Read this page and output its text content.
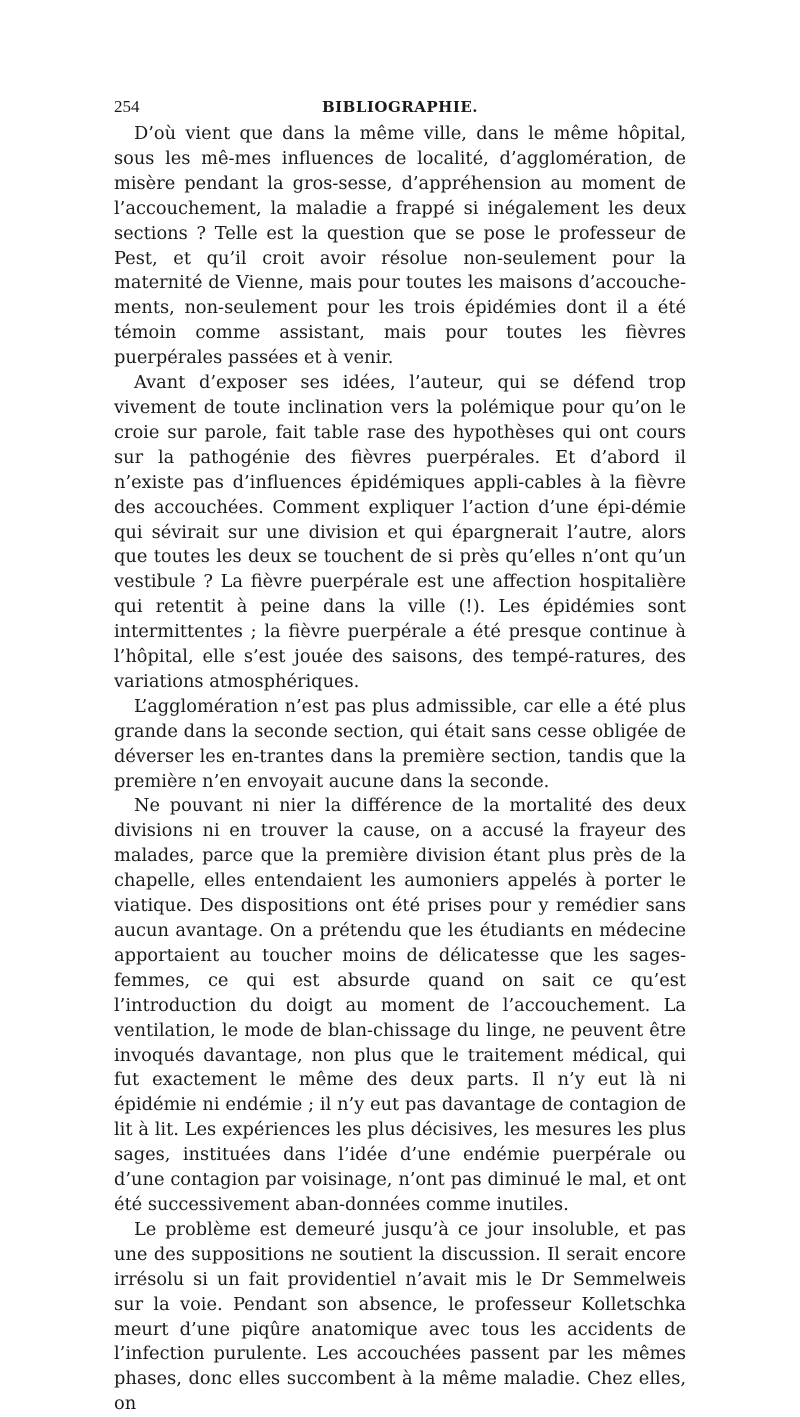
254	BIBLIOGRAPHIE.

D’où vient que dans la même ville, dans le même hôpital, sous les mê-mes influences de localité, d’agglomération, de misère pendant la gros-sesse, d’appréhension au moment de l’accouchement, la maladie a frappé si inégalement les deux sections ? Telle est la question que se pose le professeur de Pest, et qu’il croit avoir résolue non-seulement pour la maternité de Vienne, mais pour toutes les maisons d’accouche-ments, non-seulement pour les trois épidémies dont il a été témoin comme assistant, mais pour toutes les fièvres puerpérales passées et à venir.

Avant d’exposer ses idées, l’auteur, qui se défend trop vivement de toute inclination vers la polémique pour qu’on le croie sur parole, fait table rase des hypothèses qui ont cours sur la pathogénie des fièvres puerpérales. Et d’abord il n’existe pas d’influences épidémiques appli-cables à la fièvre des accouchées. Comment expliquer l’action d’une épi-démie qui sévirait sur une division et qui épargnerait l’autre, alors que toutes les deux se touchent de si près qu’elles n’ont qu’un vestibule ? La fièvre puerpérale est une affection hospitalière qui retentit à peine dans la ville (!). Les épidémies sont intermittentes ; la fièvre puerpérale a été presque continue à l’hôpital, elle s’est jouée des saisons, des tempé-ratures, des variations atmosphériques.

L’agglomération n’est pas plus admissible, car elle a été plus grande dans la seconde section, qui était sans cesse obligée de déverser les en-trantes dans la première section, tandis que la première n’en envoyait aucune dans la seconde.

Ne pouvant ni nier la différence de la mortalité des deux divisions ni en trouver la cause, on a accusé la frayeur des malades, parce que la première division étant plus près de la chapelle, elles entendaient les aumoniers appelés à porter le viatique. Des dispositions ont été prises pour y remédier sans aucun avantage. On a prétendu que les étudiants en médecine apportaient au toucher moins de délicatesse que les sages-femmes, ce qui est absurde quand on sait ce qu’est l’introduction du doigt au moment de l’accouchement. La ventilation, le mode de blan-chissage du linge, ne peuvent être invoqués davantage, non plus que le traitement médical, qui fut exactement le même des deux parts. Il n’y eut là ni épidémie ni endémie ; il n’y eut pas davantage de contagion de lit à lit. Les expériences les plus décisives, les mesures les plus sages, instituées dans l’idée d’une endémie puerpérale ou d’une contagion par voisinage, n’ont pas diminué le mal, et ont été successivement aban-données comme inutiles.

Le problème est demeuré jusqu’à ce jour insoluble, et pas une des suppositions ne soutient la discussion. Il serait encore irrésolu si un fait providentiel n’avait mis le Dr Semmelweis sur la voie. Pendant son absence, le professeur Kolletschka meurt d’une piqûre anatomique avec tous les accidents de l’infection purulente. Les accouchées passent par les mêmes phases, donc elles succombent à la même maladie. Chez elles, on
